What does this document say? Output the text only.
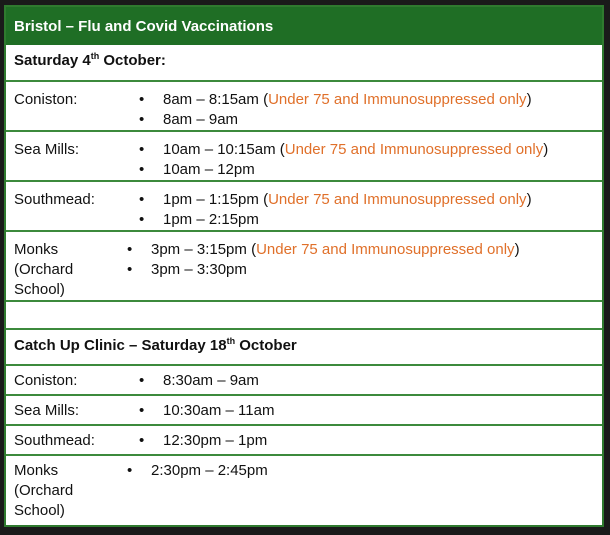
Bristol – Flu and Covid Vaccinations
Saturday 4th October:
Coniston:	•	8am – 8:15am
( Under 75 and Immunosuppressed only )
•	8am – 9am
Sea Mills:	•	10am – 10:15am
( Under 75 and Immunosuppressed only )
•	10am – 12pm
Southmead:	•	1pm – 1:15pm
( Under 75 and Immunosuppressed only )
•	1pm – 2:15pm
Monks (Orchard School)
•	3pm – 3:15pm
( Under 75 and Immunosuppressed only )
•	3pm – 3:30pm
Catch Up Clinic – Saturday 18th October
Coniston:	•	8:30am – 9am
Sea Mills:	•	10:30am – 11am
Southmead:	•	12:30pm – 1pm
Monks (Orchard School)
•	2:30pm – 2:45pm
